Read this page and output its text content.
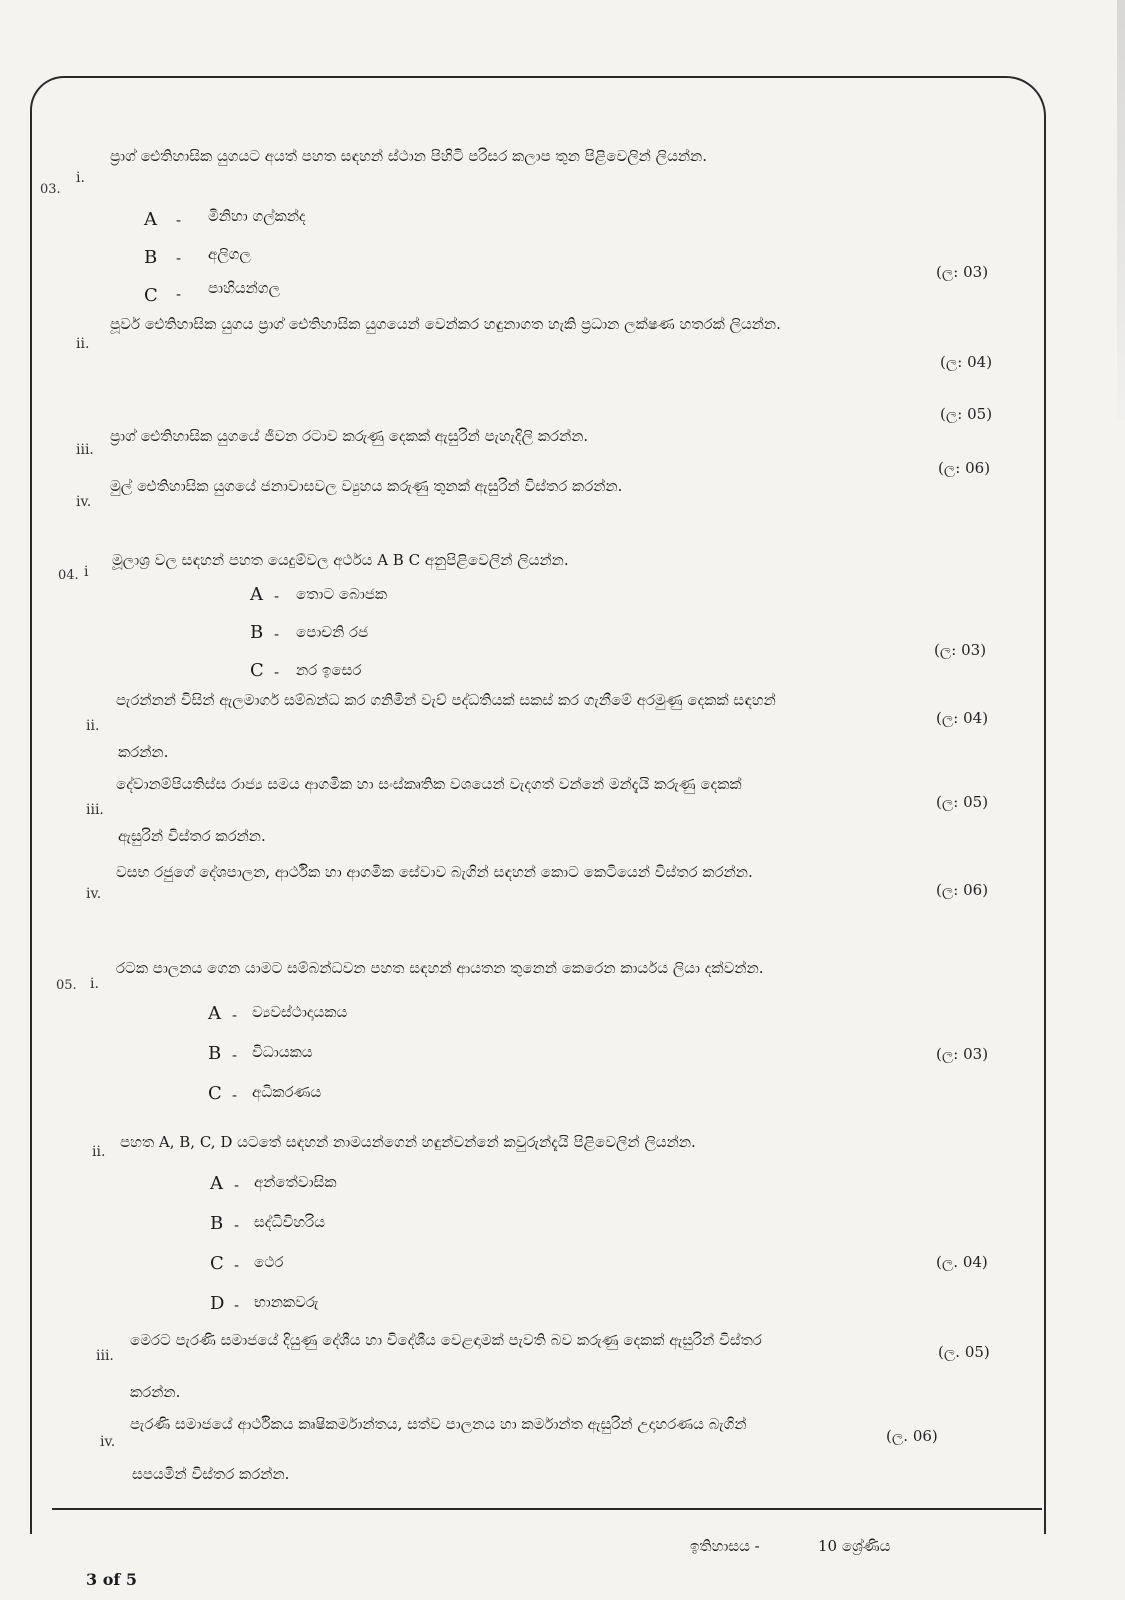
03.
i.
ප්‍රාග් ඓතිහාසික යුගයට අයත් පහත සඳහන් ස්ථාන පිහිටි පරිසර කලාප තුන පිළිවෙලින් ලියන්න.
A - මිනිහා ගල්කන්ද
B - අලිගල
C - පාහියන්ගල
(ල: 03)
ii.
පූර්ව ඓතිහාසික යුගය ප්‍රාග් ඓතිහාසික යුගයෙන් වෙන්කර හඳුනාගත හැකි ප්‍රධාන ලක්ෂණ හතරක් ලියන්න.
(ල: 04)
(ල: 05)
iii.
ප්‍රාග් ඓතිහාසික යුගයේ ජීවන රටාව කරුණු දෙකක් ඇසුරින් පැහැදිලි කරන්න.
(ල: 06)
iv.
මුල් ඓතිහාසික යුගයේ ජනාවාසවල ව්‍යුහය කරුණු තුනක් ඇසුරින් විස්තර කරන්න.
04. i
මූලාශ්‍ර වල සඳහන් පහත යෙදුම්වල අර්ථය A B C අනුපිළිවෙලින් ලියන්න.
A - තොට බොජක
B - පොචනි රජ
C - නර ඉසෙර
(ල: 03)
ii.
පැරන්නන් විසින් ඇලමාර්ග සම්බන්ධ කර ගනිමින් වැව් පද්ධතියක් සකස් කර ගැනීමේ අරමුණු දෙකක් සඳහන්
(ල: 04)
කරන්න.
iii.
දේවානම්පියතිස්ස රාජ්‍ය සමය ආගමික හා සංස්කෘතික වශයෙන් වැදගත් වන්නේ මන්දැයි කරුණු දෙකක්
(ල: 05)
ඇසුරින් විස්තර කරන්න.
iv.
වසභ රජුගේ දේශපාලන, ආර්ථික හා ආගමික සේවාව බැගින් සඳහන් කොට කෙටියෙන් විස්තර කරන්න.
(ල: 06)
05. i.
රටක පාලනය ගෙන යාමට සම්බන්ධවන පහත සඳහන් ආයතන තුනෙන් කෙරෙන කාර්යය ලියා දක්වන්න.
A - ව්‍යවස්ථාදායකය
B - විධායකය
C - අධිකරණය
(ල: 03)
ii.
පහත A, B, C, D යටතේ සඳහන් නාමයන්ගෙන් හඳුන්වන්නේ කවුරුන්දැයි පිළිවෙලින් ලියන්න.
A - අන්තේවාසික
B - සද්ධිවිහරිය
C - ථෙර
D - භානකවරු
(ල. 04)
iii.
මෙරට පැරණි සමාජයේ දියුණු දේශීය හා විදේශීය වෙළඳාමක් පැවති බව කරුණු දෙකක් ඇසුරින් විස්තර
(ල. 05)
කරන්න.
iv.
පැරණි සමාජයේ ආර්ථිකය කෘෂිකර්මාන්තය, සත්ව පාලනය හා කර්මාන්ත ඇසුරින් උදාහරණය බැගින්
(ල. 06)
සපයමින් විස්තර කරන්න.
ඉතිහාසය -	10 ශ්‍රේණිය
3 of 5
